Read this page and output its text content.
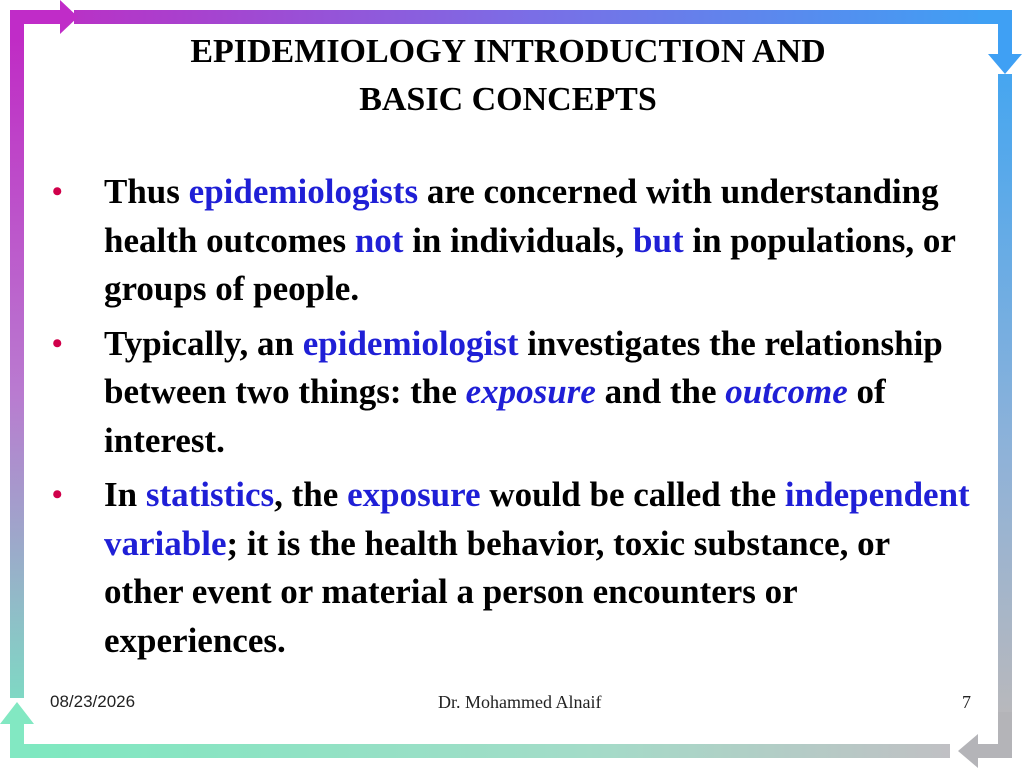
EPIDEMIOLOGY INTRODUCTION AND
BASIC CONCEPTS
• Thus epidemiologists are concerned with understanding health outcomes not in individuals, but in populations, or groups of people.
• Typically, an epidemiologist investigates the relationship between two things: the exposure and the outcome of interest.
• In statistics, the exposure would be called the independent variable; it is the health behavior, toxic substance, or other event or material a person encounters or experiences.
08/23/2026	Dr. Mohammed Alnaif	7
